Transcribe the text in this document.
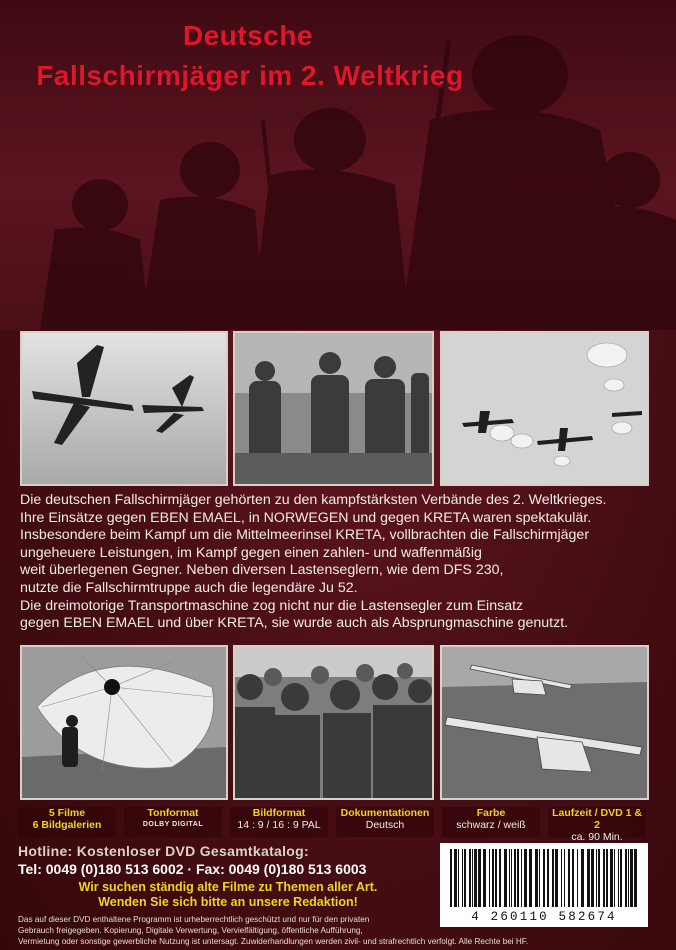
Deutsche
Fallschirmjäger im 2. Weltkrieg
Die deutschen Fallschirmjäger gehörten zu den kampfstärksten Verbände des 2. Weltkrieges.
Ihre Einsätze gegen EBEN EMAEL, in NORWEGEN und gegen KRETA waren spektakulär.
Insbesondere beim Kampf um die Mittelmeerinsel KRETA, vollbrachten die Fallschirmjäger
ungeheuere Leistungen, im Kampf gegen einen zahlen- und waffenmäßig
weit überlegenen Gegner. Neben diversen Lastenseglern, wie dem DFS 230,
nutzte die Fallschirmtruppe auch die legendäre Ju 52.
Die dreimotorige Transportmaschine zog nicht nur die Lastensegler zum Einsatz
gegen EBEN EMAEL und über KRETA, sie wurde auch als Absprungmaschine genutzt.
5 Filme
6 Bildgalerien
Tonformat
DOLBY DIGITAL
Bildformat
14 : 9 / 16 : 9 PAL
Dokumentationen
Deutsch
Farbe
schwarz / weiß
Laufzeit / DVD 1 & 2
ca. 90 Min.
Hotline: Kostenloser DVD Gesamtkatalog:
Tel: 0049 (0)180 513 6002 · Fax: 0049 (0)180 513 6003
Wir suchen ständig alte Filme zu Themen aller Art.
Wenden Sie sich bitte an unsere Redaktion!
Das auf dieser DVD enthaltene Programm ist urheberrechtlich geschützt und nur für den privaten
Gebrauch freigegeben. Kopierung, Digitale Verwertung, Vervielfältigung, öffentliche Aufführung,
Vermietung oder sonstige gewerbliche Nutzung ist untersagt. Zuwiderhandlungen werden zivil- und strafrechtlich verfolgt. Alle Rechte bei HF.
4 260110 582674
